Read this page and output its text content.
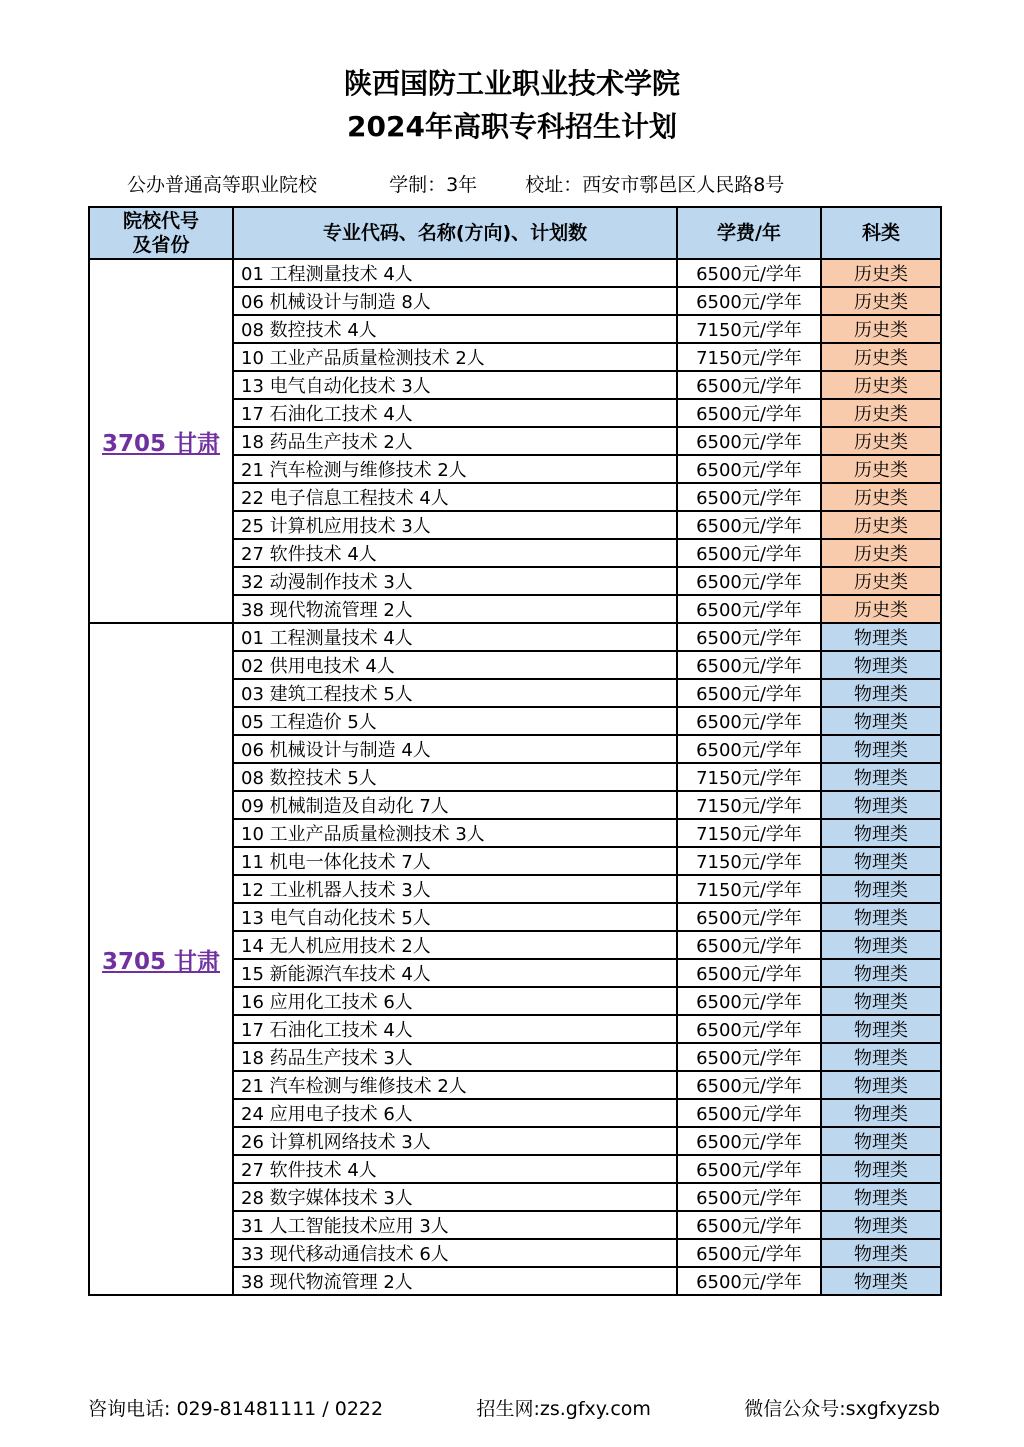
陕西国防工业职业技术学院
2024年高职专科招生计划
公办普通高等职业院校	学制：3年	校址：西安市鄠邑区人民路8号
院校代号
及省份	专业代码、名称(方向)、计划数	学费/年	科类
3705 甘肃	01 工程测量技术 4人	6500元/学年	历史类
	06 机械设计与制造 8人	6500元/学年	历史类
	08 数控技术 4人	7150元/学年	历史类
	10 工业产品质量检测技术 2人	7150元/学年	历史类
	13 电气自动化技术 3人	6500元/学年	历史类
	17 石油化工技术 4人	6500元/学年	历史类
	18 药品生产技术 2人	6500元/学年	历史类
	21 汽车检测与维修技术 2人	6500元/学年	历史类
	22 电子信息工程技术 4人	6500元/学年	历史类
	25 计算机应用技术 3人	6500元/学年	历史类
	27 软件技术 4人	6500元/学年	历史类
	32 动漫制作技术 3人	6500元/学年	历史类
	38 现代物流管理 2人	6500元/学年	历史类
3705 甘肃	01 工程测量技术 4人	6500元/学年	物理类
	02 供用电技术 4人	6500元/学年	物理类
	03 建筑工程技术 5人	6500元/学年	物理类
	05 工程造价 5人	6500元/学年	物理类
	06 机械设计与制造 4人	6500元/学年	物理类
	08 数控技术 5人	7150元/学年	物理类
	09 机械制造及自动化 7人	7150元/学年	物理类
	10 工业产品质量检测技术 3人	7150元/学年	物理类
	11 机电一体化技术 7人	7150元/学年	物理类
	12 工业机器人技术 3人	7150元/学年	物理类
	13 电气自动化技术 5人	6500元/学年	物理类
	14 无人机应用技术 2人	6500元/学年	物理类
	15 新能源汽车技术 4人	6500元/学年	物理类
	16 应用化工技术 6人	6500元/学年	物理类
	17 石油化工技术 4人	6500元/学年	物理类
	18 药品生产技术 3人	6500元/学年	物理类
	21 汽车检测与维修技术 2人	6500元/学年	物理类
	24 应用电子技术 6人	6500元/学年	物理类
	26 计算机网络技术 3人	6500元/学年	物理类
	27 软件技术 4人	6500元/学年	物理类
	28 数字媒体技术 3人	6500元/学年	物理类
	31 人工智能技术应用 3人	6500元/学年	物理类
	33 现代移动通信技术 6人	6500元/学年	物理类
	38 现代物流管理 2人	6500元/学年	物理类
咨询电话: 029-81481111 / 0222	招生网:zs.gfxy.com	微信公众号:sxgfxyzsb
